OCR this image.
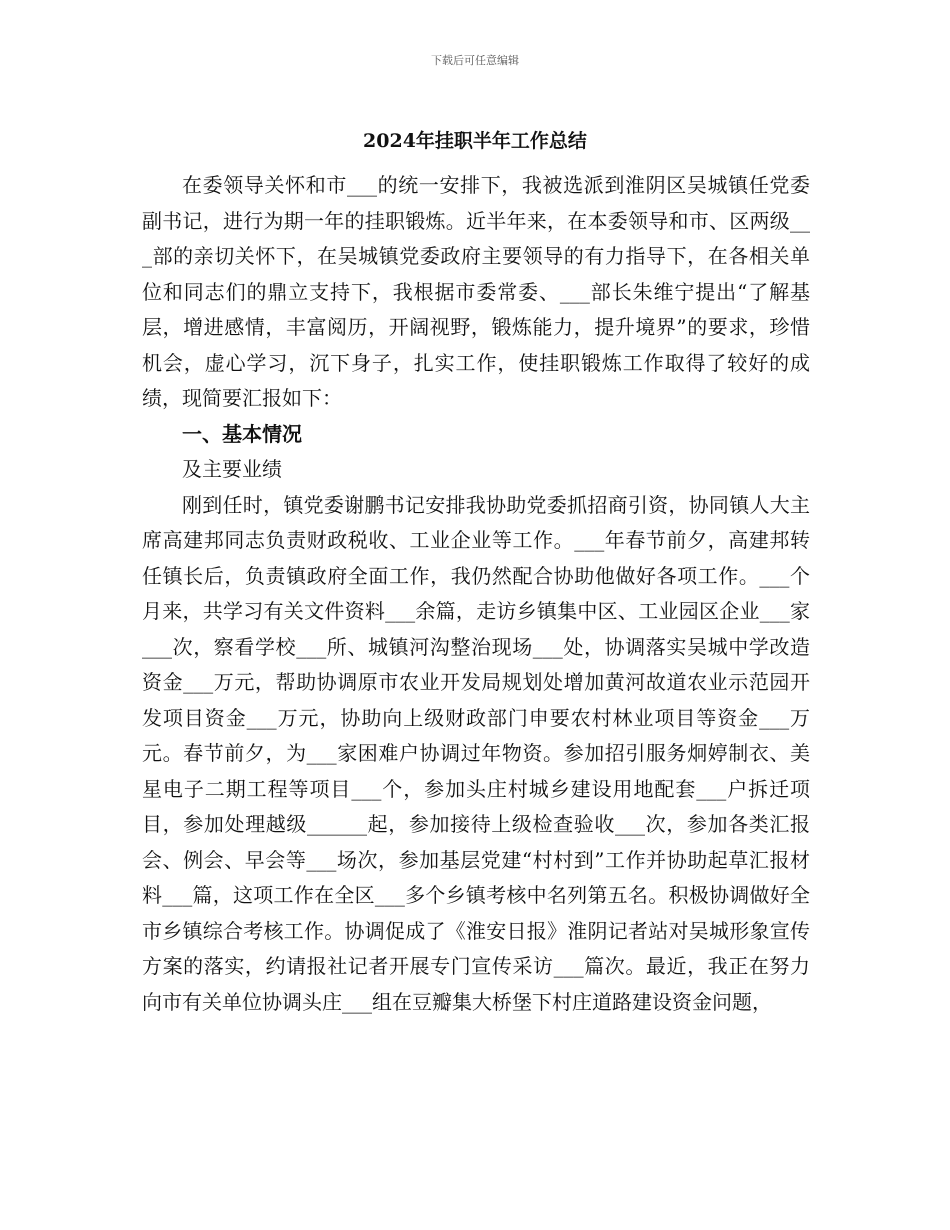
下载后可任意编辑
2024年挂职半年工作总结

在委领导关怀和市___的统一安排下，我被选派到淮阴区吴城镇任党委副书记，进行为期一年的挂职锻炼。近半年来，在本委领导和市、区两级___部的亲切关怀下，在吴城镇党委政府主要领导的有力指导下，在各相关单位和同志们的鼎立支持下，我根据市委常委、___部长朱维宁提出“了解基层，增进感情，丰富阅历，开阔视野，锻炼能力，提升境界”的要求，珍惜机会，虚心学习，沉下身子，扎实工作，使挂职锻炼工作取得了较好的成绩，现简要汇报如下：

一、基本情况

及主要业绩

刚到任时，镇党委谢鹏书记安排我协助党委抓招商引资，协同镇人大主席高建邦同志负责财政税收、工业企业等工作。___年春节前夕，高建邦转任镇长后，负责镇政府全面工作，我仍然配合协助他做好各项工作。___个月来，共学习有关文件资料___余篇，走访乡镇集中区、工业园区企业___家___次，察看学校___所、城镇河沟整治现场___处，协调落实吴城中学改造资金___万元，帮助协调原市农业开发局规划处增加黄河故道农业示范园开发项目资金___万元，协助向上级财政部门申要农村林业项目等资金___万元。春节前夕，为___家困难户协调过年物资。参加招引服务炯婷制衣、美星电子二期工程等项目___个，参加头庄村城乡建设用地配套___户拆迁项目，参加处理越级______起，参加接待上级检查验收___次，参加各类汇报会、例会、早会等___场次，参加基层党建“村村到”工作并协助起草汇报材料___篇，这项工作在全区___多个乡镇考核中名列第五名。积极协调做好全市乡镇综合考核工作。协调促成了《淮安日报》淮阴记者站对吴城形象宣传方案的落实，约请报社记者开展专门宣传采访___篇次。最近，我正在努力向市有关单位协调头庄___组在豆瓣集大桥堡下村庄道路建设资金问题，
